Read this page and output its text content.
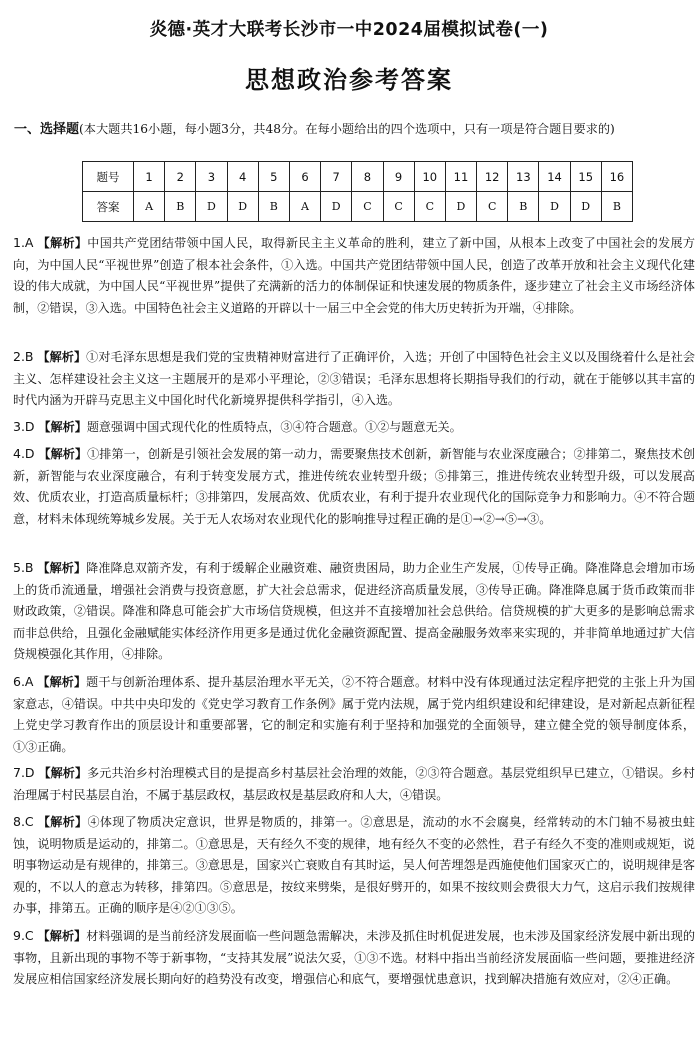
炎德·英才大联考长沙市一中2024届模拟试卷(一)
思想政治参考答案
一、选择题(本大题共16小题，每小题3分，共48分。在每小题给出的四个选项中，只有一项是符合题目要求的)
题号	1	2	3	4	5	6	7	8	9	10	11	12	13	14	15	16
答案	A	B	D	D	B	A	D	C	C	C	D	C	B	D	D	B
1.A 【解析】中国共产党团结带领中国人民，取得新民主主义革命的胜利，建立了新中国，从根本上改变了中国社会的发展方向，为中国人民“平视世界”创造了根本社会条件，①入选。中国共产党团结带领中国人民，创造了改革开放和社会主义现代化建设的伟大成就，为中国人民“平视世界”提供了充满新的活力的体制保证和快速发展的物质条件，逐步建立了社会主义市场经济体制，②错误，③入选。中国特色社会主义道路的开辟以十一届三中全会党的伟大历史转折为开端，④排除。
2.B 【解析】①对毛泽东思想是我们党的宝贵精神财富进行了正确评价，入选；开创了中国特色社会主义以及围绕着什么是社会主义、怎样建设社会主义这一主题展开的是邓小平理论，②③错误；毛泽东思想将长期指导我们的行动，就在于能够以其丰富的时代内涵为开辟马克思主义中国化时代化新境界提供科学指引，④入选。
3.D 【解析】题意强调中国式现代化的性质特点，③④符合题意。①②与题意无关。
4.D 【解析】①排第一，创新是引领社会发展的第一动力，需要聚焦技术创新，新智能与农业深度融合；②排第二，聚焦技术创新，新智能与农业深度融合，有利于转变发展方式，推进传统农业转型升级；⑤排第三，推进传统农业转型升级，可以发展高效、优质农业，打造高质量标杆；③排第四，发展高效、优质农业，有利于提升农业现代化的国际竞争力和影响力。④不符合题意，材料未体现统筹城乡发展。关于无人农场对农业现代化的影响推导过程正确的是①→②→⑤→③。
5.B 【解析】降准降息双箭齐发，有利于缓解企业融资难、融资贵困局，助力企业生产发展，①传导正确。降准降息会增加市场上的货币流通量，增强社会消费与投资意愿，扩大社会总需求，促进经济高质量发展，③传导正确。降准降息属于货币政策而非财政政策，②错误。降准和降息可能会扩大市场信贷规模，但这并不直接增加社会总供给。信贷规模的扩大更多的是影响总需求而非总供给，且强化金融赋能实体经济作用更多是通过优化金融资源配置、提高金融服务效率来实现的，并非简单地通过扩大信贷规模强化其作用，④排除。
6.A 【解析】题干与创新治理体系、提升基层治理水平无关，②不符合题意。材料中没有体现通过法定程序把党的主张上升为国家意志，④错误。中共中央印发的《党史学习教育工作条例》属于党内法规，属于党内组织建设和纪律建设，是对新起点新征程上党史学习教育作出的顶层设计和重要部署，它的制定和实施有利于坚持和加强党的全面领导，建立健全党的领导制度体系，①③正确。
7.D 【解析】多元共治乡村治理模式目的是提高乡村基层社会治理的效能，②③符合题意。基层党组织早已建立，①错误。乡村治理属于村民基层自治，不属于基层政权，基层政权是基层政府和人大，④错误。
8.C 【解析】④体现了物质决定意识，世界是物质的，排第一。②意思是，流动的水不会腐臭，经常转动的木门轴不易被虫蛀蚀，说明物质是运动的，排第二。①意思是，天有经久不变的规律，地有经久不变的必然性，君子有经久不变的准则或规矩，说明事物运动是有规律的，排第三。③意思是，国家兴亡衰败自有其时运，吴人何苦埋怨是西施使他们国家灭亡的，说明规律是客观的，不以人的意志为转移，排第四。⑤意思是，按纹来劈柴，是很好劈开的，如果不按纹则会费很大力气，这启示我们按规律办事，排第五。正确的顺序是④②①③⑤。
9.C 【解析】材料强调的是当前经济发展面临一些问题急需解决，未涉及抓住时机促进发展，也未涉及国家经济发展中新出现的事物，且新出现的事物不等于新事物，“支持其发展”说法欠妥，①③不选。材料中指出当前经济发展面临一些问题，要推进经济发展应相信国家经济发展长期向好的趋势没有改变，增强信心和底气，要增强忧患意识，找到解决措施有效应对，②④正确。
